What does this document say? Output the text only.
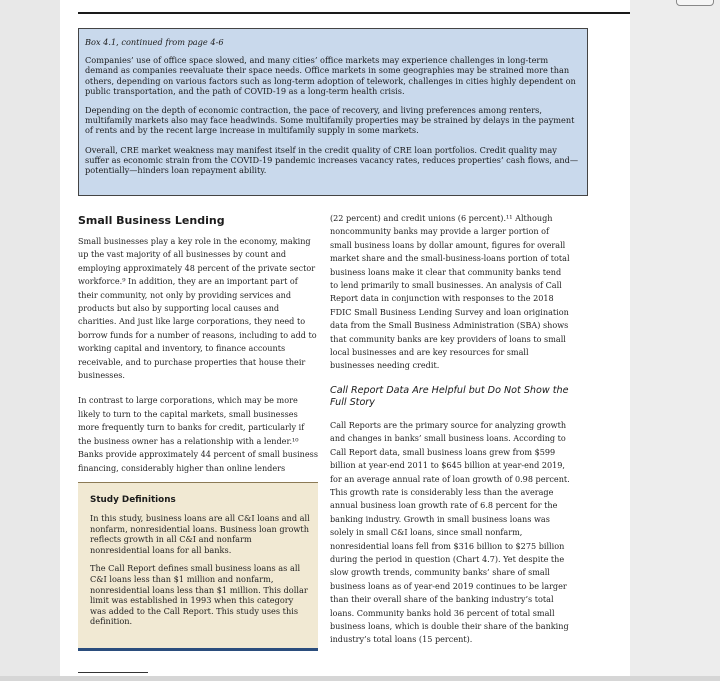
Box 4.1, continued from page 4-6

Companies’ use of office space slowed, and many cities’ office markets may experience challenges in long-term demand as companies reevaluate their space needs. Office markets in some geographies may be strained more than others, depending on various factors such as long-term adoption of telework, challenges in cities highly dependent on public transportation, and the path of COVID-19 as a long-term health crisis.

Depending on the depth of economic contraction, the pace of recovery, and living preferences among renters, multifamily markets also may face headwinds. Some multifamily properties may be strained by delays in the payment of rents and by the recent large increase in multifamily supply in some markets.

Overall, CRE market weakness may manifest itself in the credit quality of CRE loan portfolios. Credit quality may suffer as economic strain from the COVID-19 pandemic increases vacancy rates, reduces properties’ cash flows, and—potentially—hinders loan repayment ability.

Small Business Lending

Small businesses play a key role in the economy, making up the vast majority of all businesses by count and employing approximately 48 percent of the private sector workforce.⁹ In addition, they are an important part of their community, not only by providing services and products but also by supporting local causes and charities. And just like large corporations, they need to borrow funds for a number of reasons, including to add to working capital and inventory, to finance accounts receivable, and to purchase properties that house their businesses.

In contrast to large corporations, which may be more likely to turn to the capital markets, small businesses more frequently turn to banks for credit, particularly if the business owner has a relationship with a lender.¹⁰ Banks provide approximately 44 percent of small business financing, considerably higher than online lenders

(22 percent) and credit unions (6 percent).¹¹ Although noncommunity banks may provide a larger portion of small business loans by dollar amount, figures for overall market share and the small-business-loans portion of total business loans make it clear that community banks tend to lend primarily to small businesses. An analysis of Call Report data in conjunction with responses to the 2018 FDIC Small Business Lending Survey and loan origination data from the Small Business Administration (SBA) shows that community banks are key providers of loans to small local businesses and are key resources for small businesses needing credit.

Call Report Data Are Helpful but Do Not Show the Full Story

Call Reports are the primary source for analyzing growth and changes in banks’ small business loans. According to Call Report data, small business loans grew from $599 billion at year-end 2011 to $645 billion at year-end 2019, for an average annual rate of loan growth of 0.98 percent. This growth rate is considerably less than the average annual business loan growth rate of 6.8 percent for the banking industry. Growth in small business loans was solely in small C&I loans, since small nonfarm, nonresidential loans fell from $316 billion to $275 billion during the period in question (Chart 4.7). Yet despite the slow growth trends, community banks’ share of small business loans as of year-end 2019 continues to be larger than their overall share of the banking industry’s total loans. Community banks hold 36 percent of total small business loans, which is double their share of the banking industry’s total loans (15 percent).

Study Definitions

In this study, business loans are all C&I loans and all nonfarm, nonresidential loans. Business loan growth reflects growth in all C&I and nonfarm nonresidential loans for all banks.

The Call Report defines small business loans as all C&I loans less than $1 million and nonfarm, nonresidential loans less than $1 million. This dollar limit was established in 1993 when this category was added to the Call Report. This study uses this definition.
